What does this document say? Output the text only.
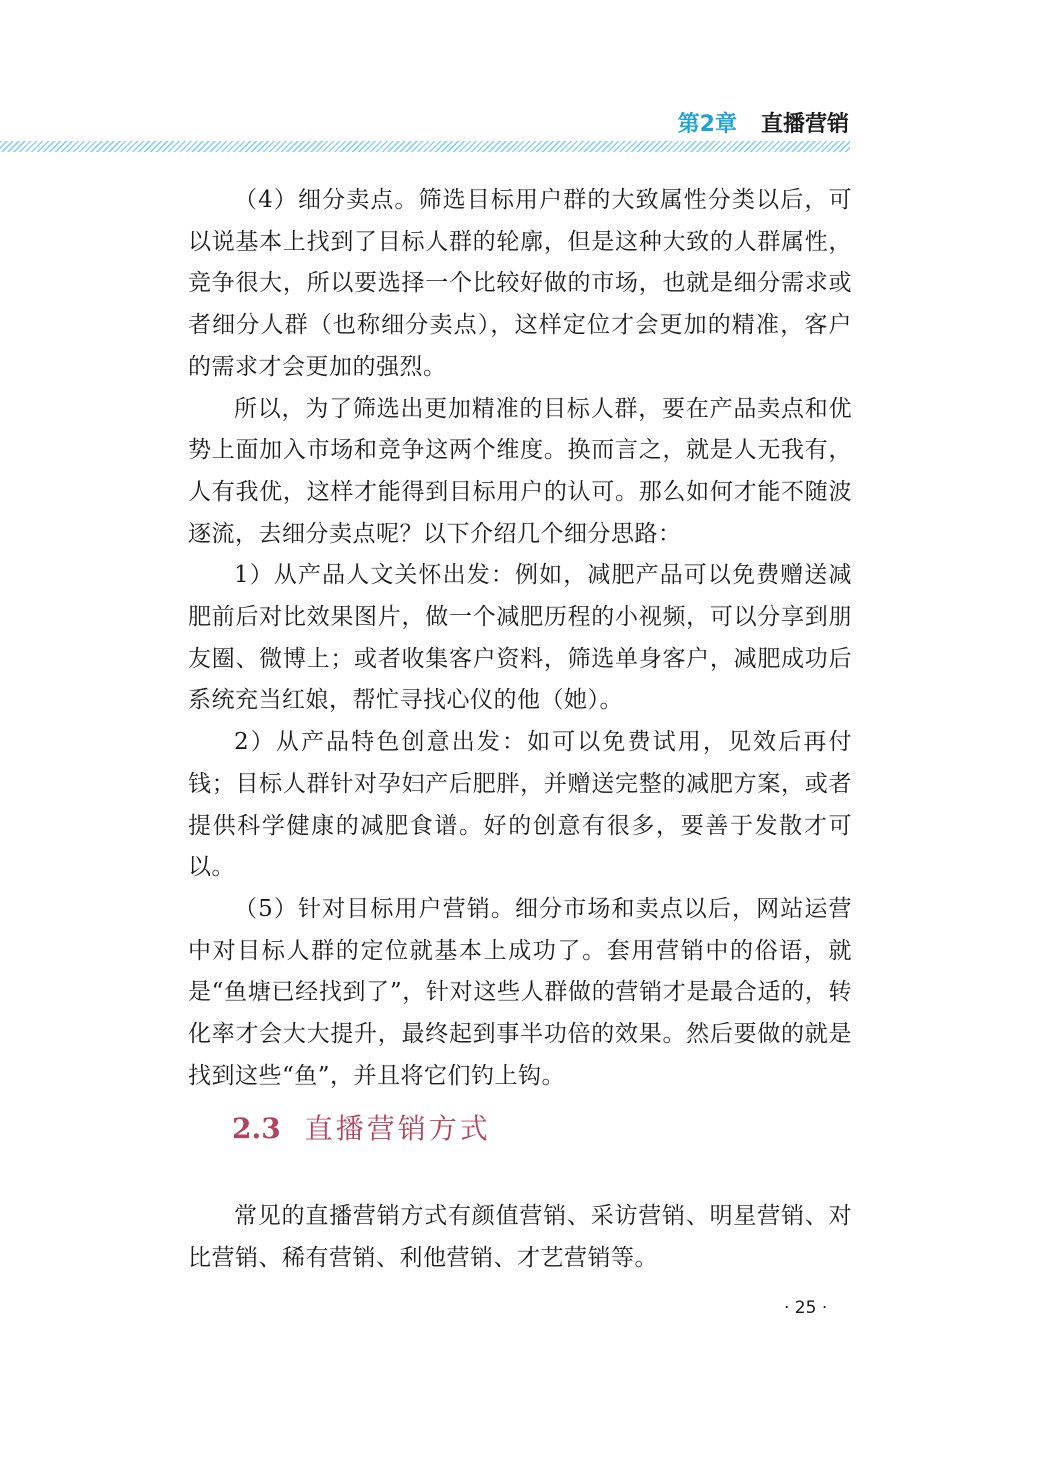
第2章 直播营销

（4）细分卖点。筛选目标用户群的大致属性分类以后，可以说基本上找到了目标人群的轮廓，但是这种大致的人群属性，竞争很大，所以要选择一个比较好做的市场，也就是细分需求或者细分人群（也称细分卖点），这样定位才会更加的精准，客户的需求才会更加的强烈。

所以，为了筛选出更加精准的目标人群，要在产品卖点和优势上面加入市场和竞争这两个维度。换而言之，就是人无我有，人有我优，这样才能得到目标用户的认可。那么如何才能不随波逐流，去细分卖点呢？以下介绍几个细分思路：

1）从产品人文关怀出发：例如，减肥产品可以免费赠送减肥前后对比效果图片，做一个减肥历程的小视频，可以分享到朋友圈、微博上；或者收集客户资料，筛选单身客户，减肥成功后系统充当红娘，帮忙寻找心仪的他（她）。

2）从产品特色创意出发：如可以免费试用，见效后再付钱；目标人群针对孕妇产后肥胖，并赠送完整的减肥方案，或者提供科学健康的减肥食谱。好的创意有很多，要善于发散才可以。

（5）针对目标用户营销。细分市场和卖点以后，网站运营中对目标人群的定位就基本上成功了。套用营销中的俗语，就是“鱼塘已经找到了”，针对这些人群做的营销才是最合适的，转化率才会大大提升，最终起到事半功倍的效果。然后要做的就是找到这些“鱼”，并且将它们钓上钩。

2.3 直播营销方式

常见的直播营销方式有颜值营销、采访营销、明星营销、对比营销、稀有营销、利他营销、才艺营销等。

· 25 ·
